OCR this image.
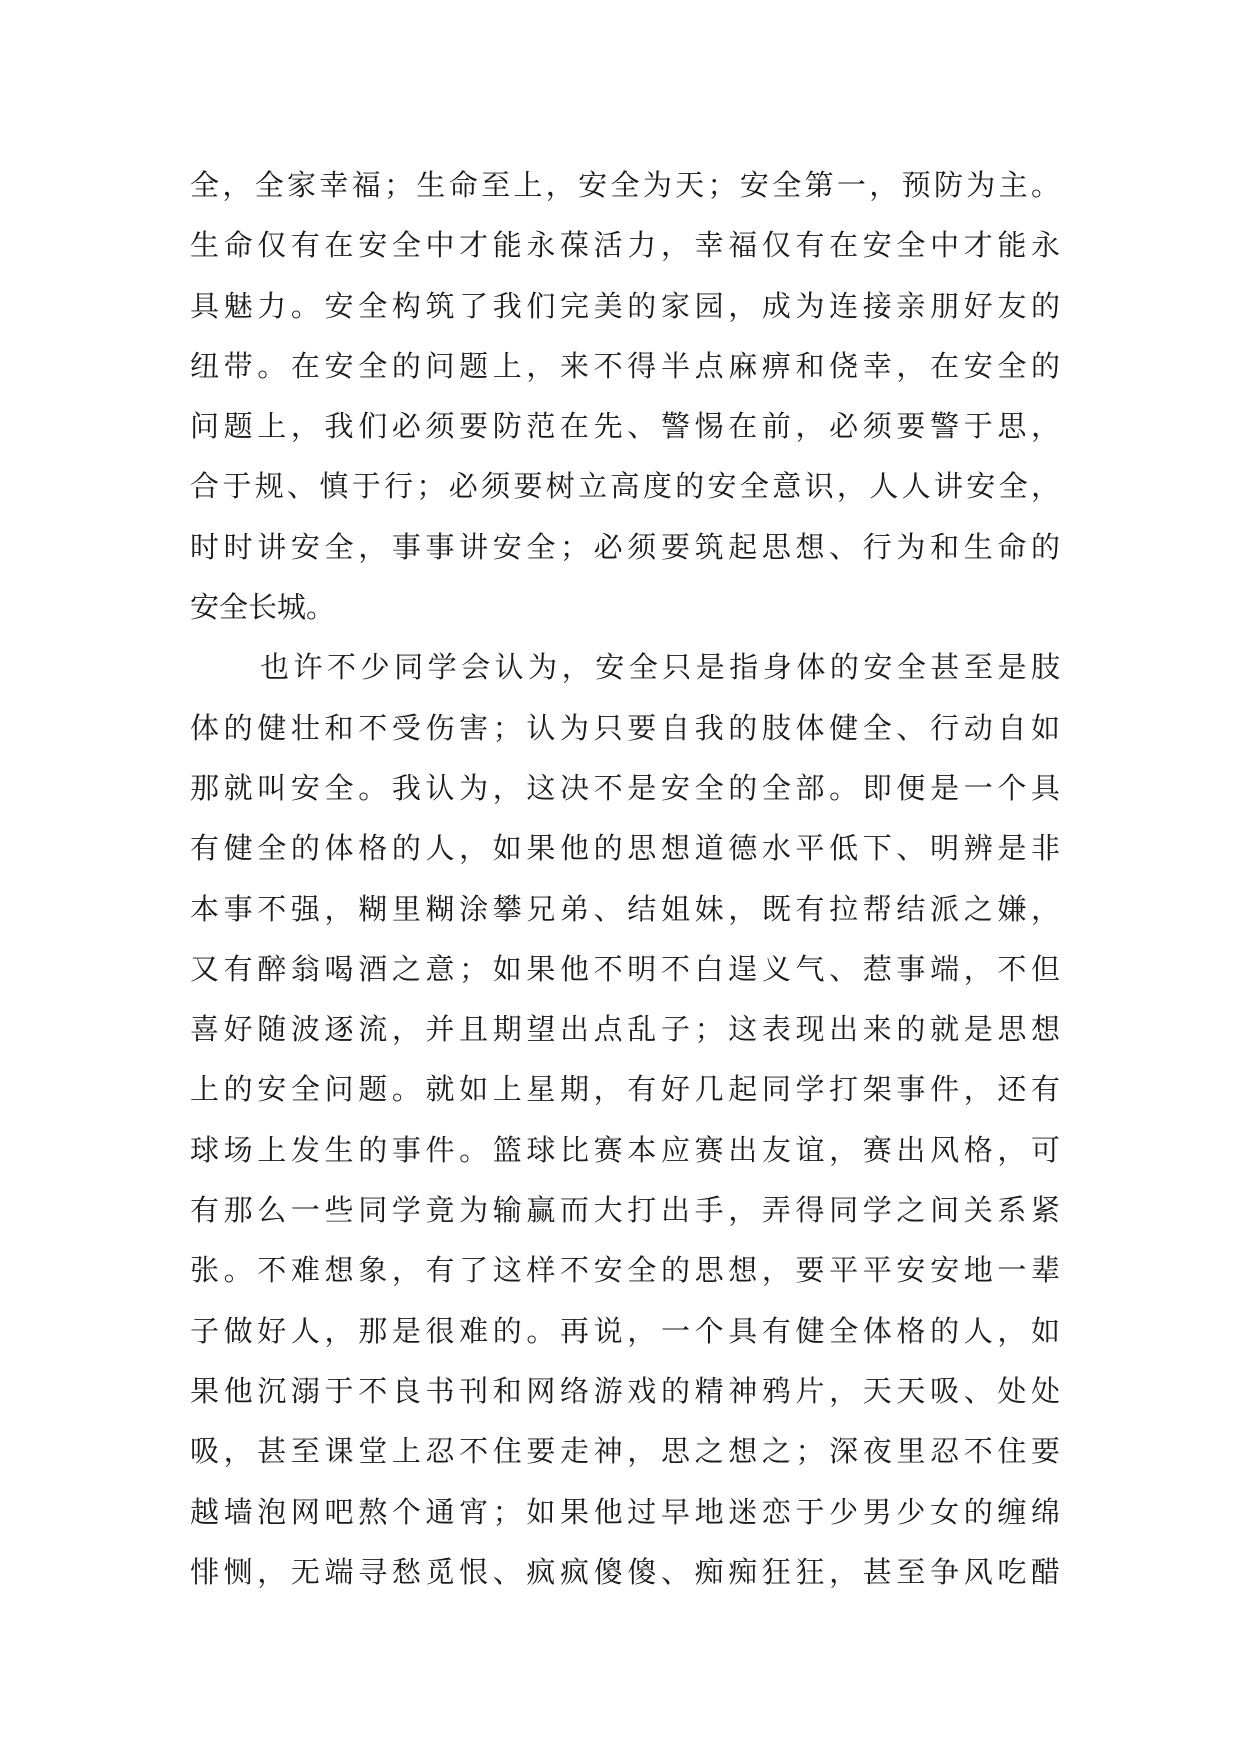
全，全家幸福；生命至上，安全为天；安全第一，预防为主。
生命仅有在安全中才能永葆活力，幸福仅有在安全中才能永
具魅力。安全构筑了我们完美的家园，成为连接亲朋好友的
纽带。在安全的问题上，来不得半点麻痹和侥幸，在安全的
问题上，我们必须要防范在先、警惕在前，必须要警于思，
合于规、慎于行；必须要树立高度的安全意识，人人讲安全，
时时讲安全，事事讲安全；必须要筑起思想、行为和生命的
安全长城。
也许不少同学会认为，安全只是指身体的安全甚至是肢
体的健壮和不受伤害；认为只要自我的肢体健全、行动自如
那就叫安全。我认为，这决不是安全的全部。即便是一个具
有健全的体格的人，如果他的思想道德水平低下、明辨是非
本事不强，糊里糊涂攀兄弟、结姐妹，既有拉帮结派之嫌，
又有醉翁喝酒之意；如果他不明不白逞义气、惹事端，不但
喜好随波逐流，并且期望出点乱子；这表现出来的就是思想
上的安全问题。就如上星期，有好几起同学打架事件，还有
球场上发生的事件。篮球比赛本应赛出友谊，赛出风格，可
有那么一些同学竟为输赢而大打出手，弄得同学之间关系紧
张。不难想象，有了这样不安全的思想，要平平安安地一辈
子做好人，那是很难的。再说，一个具有健全体格的人，如
果他沉溺于不良书刊和网络游戏的精神鸦片，天天吸、处处
吸，甚至课堂上忍不住要走神，思之想之；深夜里忍不住要
越墙泡网吧熬个通宵；如果他过早地迷恋于少男少女的缠绵
悱恻，无端寻愁觅恨、疯疯傻傻、痴痴狂狂，甚至争风吃醋
